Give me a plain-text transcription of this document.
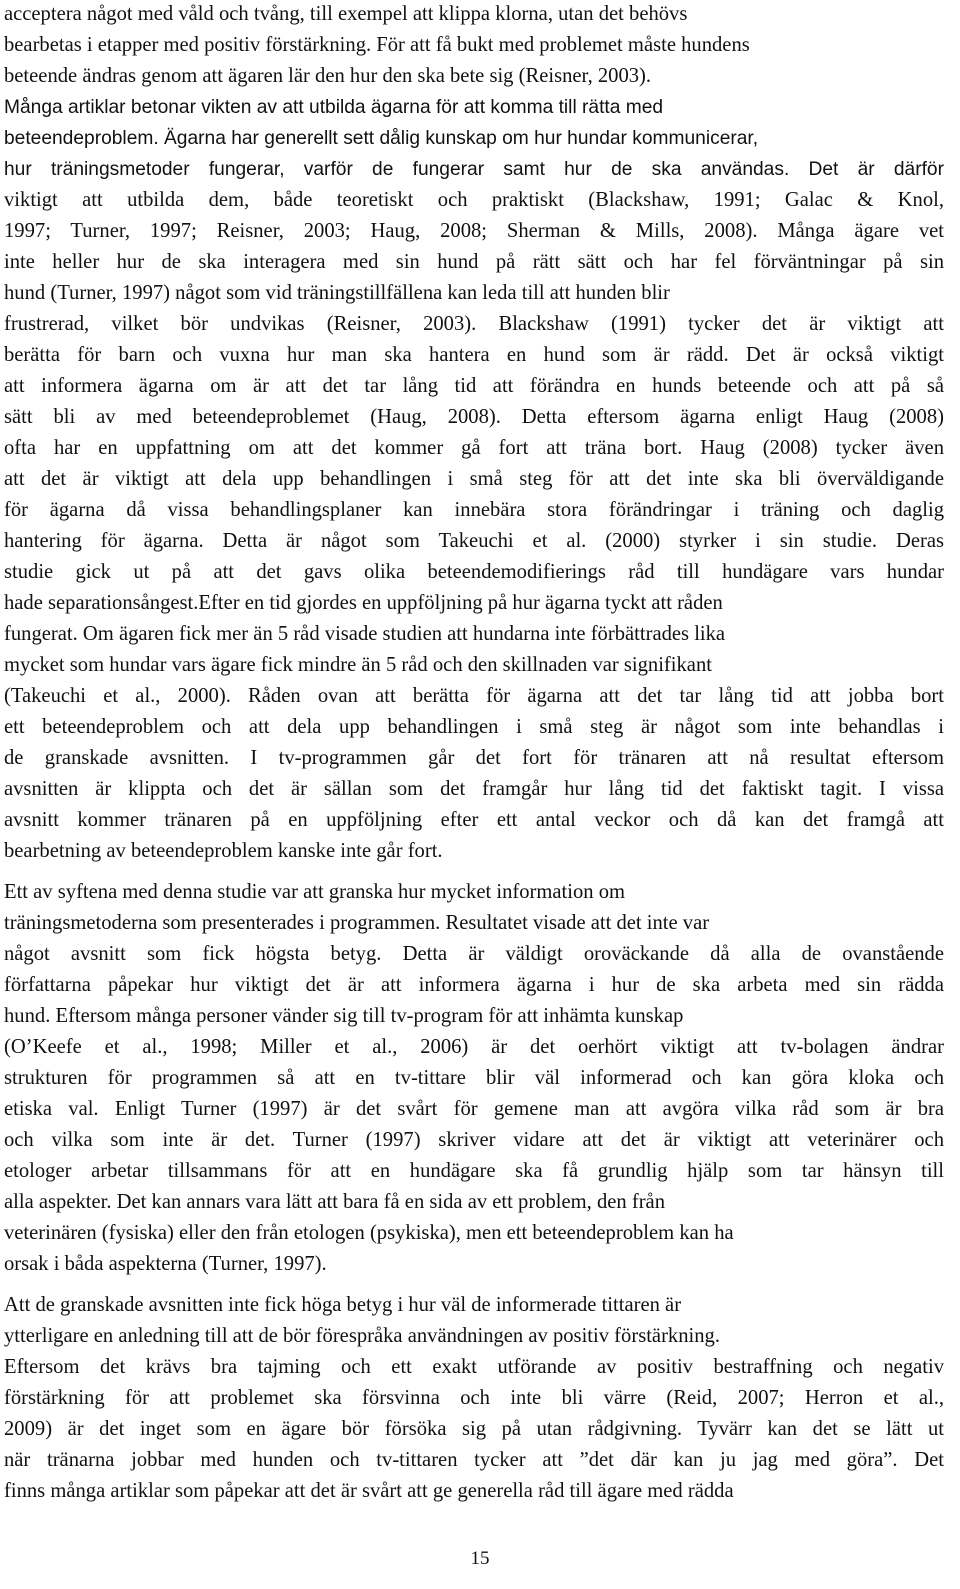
acceptera något med våld och tvång, till exempel att klippa klorna, utan det behövs
bearbetas i etapper med positiv förstärkning. För att få bukt med problemet måste hundens
beteende ändras genom att ägaren lär den hur den ska bete sig (Reisner, 2003).
Många artiklar betonar vikten av att utbilda ägarna för att komma till rätta med
beteendeproblem. Ägarna har generellt sett dålig kunskap om hur hundar kommunicerar,
hur träningsmetoder fungerar, varför de fungerar samt hur de ska användas. Det är därför
viktigt att utbilda dem, både teoretiskt och praktiskt (Blackshaw, 1991; Galac & Knol,
1997; Turner, 1997; Reisner, 2003; Haug, 2008; Sherman & Mills, 2008). Många ägare vet
inte heller hur de ska interagera med sin hund på rätt sätt och har fel förväntningar på sin
hund (Turner, 1997) något som vid träningstillfällena kan leda till att hunden blir
frustrerad, vilket bör undvikas (Reisner, 2003). Blackshaw (1991) tycker det är viktigt att
berätta för barn och vuxna hur man ska hantera en hund som är rädd. Det är också viktigt
att informera ägarna om är att det tar lång tid att förändra en hunds beteende och att på så
sätt bli av med beteendeproblemet (Haug, 2008). Detta eftersom ägarna enligt Haug (2008)
ofta har en uppfattning om att det kommer gå fort att träna bort. Haug (2008) tycker även
att det är viktigt att dela upp behandlingen i små steg för att det inte ska bli överväldigande
för ägarna då vissa behandlingsplaner kan innebära stora förändringar i träning och daglig
hantering för ägarna. Detta är något som Takeuchi et al. (2000) styrker i sin studie. Deras
studie gick ut på att det gavs olika beteendemodifierings råd till hundägare vars hundar
hade separationsångest.Efter en tid gjordes en uppföljning på hur ägarna tyckt att råden
fungerat. Om ägaren fick mer än 5 råd visade studien att hundarna inte förbättrades lika
mycket som hundar vars ägare fick mindre än 5 råd och den skillnaden var signifikant
(Takeuchi et al., 2000). Råden ovan att berätta för ägarna att det tar lång tid att jobba bort
ett beteendeproblem och att dela upp behandlingen i små steg är något som inte behandlas i
de granskade avsnitten. I tv-programmen går det fort för tränaren att nå resultat eftersom
avsnitten är klippta och det är sällan som det framgår hur lång tid det faktiskt tagit. I vissa
avsnitt kommer tränaren på en uppföljning efter ett antal veckor och då kan det framgå att
bearbetning av beteendeproblem kanske inte går fort.
Ett av syftena med denna studie var att granska hur mycket information om
träningsmetoderna som presenterades i programmen. Resultatet visade att det inte var
något avsnitt som fick högsta betyg. Detta är väldigt oroväckande då alla de ovanstående
författarna påpekar hur viktigt det är att informera ägarna i hur de ska arbeta med sin rädda
hund. Eftersom många personer vänder sig till tv-program för att inhämta kunskap
(O’Keefe et al., 1998; Miller et al., 2006) är det oerhört viktigt att tv-bolagen ändrar
strukturen för programmen så att en tv-tittare blir väl informerad och kan göra kloka och
etiska val. Enligt Turner (1997) är det svårt för gemene man att avgöra vilka råd som är bra
och vilka som inte är det. Turner (1997) skriver vidare att det är viktigt att veterinärer och
etologer arbetar tillsammans för att en hundägare ska få grundlig hjälp som tar hänsyn till
alla aspekter. Det kan annars vara lätt att bara få en sida av ett problem, den från
veterinären (fysiska) eller den från etologen (psykiska), men ett beteendeproblem kan ha
orsak i båda aspekterna (Turner, 1997).
Att de granskade avsnitten inte fick höga betyg i hur väl de informerade tittaren är
ytterligare en anledning till att de bör förespråka användningen av positiv förstärkning.
Eftersom det krävs bra tajming och ett exakt utförande av positiv bestraffning och negativ
förstärkning för att problemet ska försvinna och inte bli värre (Reid, 2007; Herron et al.,
2009) är det inget som en ägare bör försöka sig på utan rådgivning. Tyvärr kan det se lätt ut
när tränarna jobbar med hunden och tv-tittaren tycker att ”det där kan ju jag med göra”. Det
finns många artiklar som påpekar att det är svårt att ge generella råd till ägare med rädda
15
